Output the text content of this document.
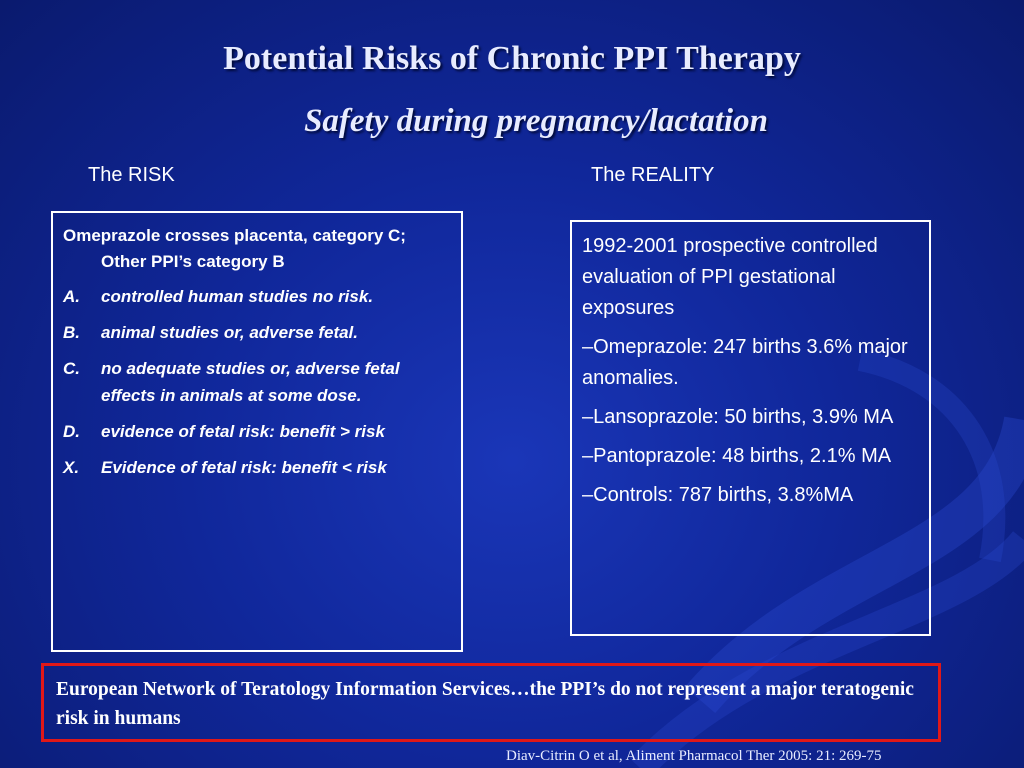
Potential Risks of Chronic PPI Therapy
Safety during pregnancy/lactation
The RISK	The REALITY

Omeprazole crosses placenta, category C; Other PPI’s category B

A.	controlled human studies no risk.
B.	animal studies or, adverse fetal.
C.	no adequate studies or, adverse fetal effects in animals at some dose.
D.	evidence of fetal risk: benefit > risk
X.	Evidence of fetal risk: benefit < risk

1992-2001 prospective controlled evaluation of PPI gestational exposures

–Omeprazole: 247 births 3.6% major anomalies.

–Lansoprazole: 50 births, 3.9% MA

–Pantoprazole: 48 births, 2.1% MA

–Controls: 787 births, 3.8%MA

European Network of Teratology Information Services…the PPI’s do not represent a major teratogenic risk in humans
Diav-Citrin O et al, Aliment Pharmacol Ther 2005: 21: 269-75
